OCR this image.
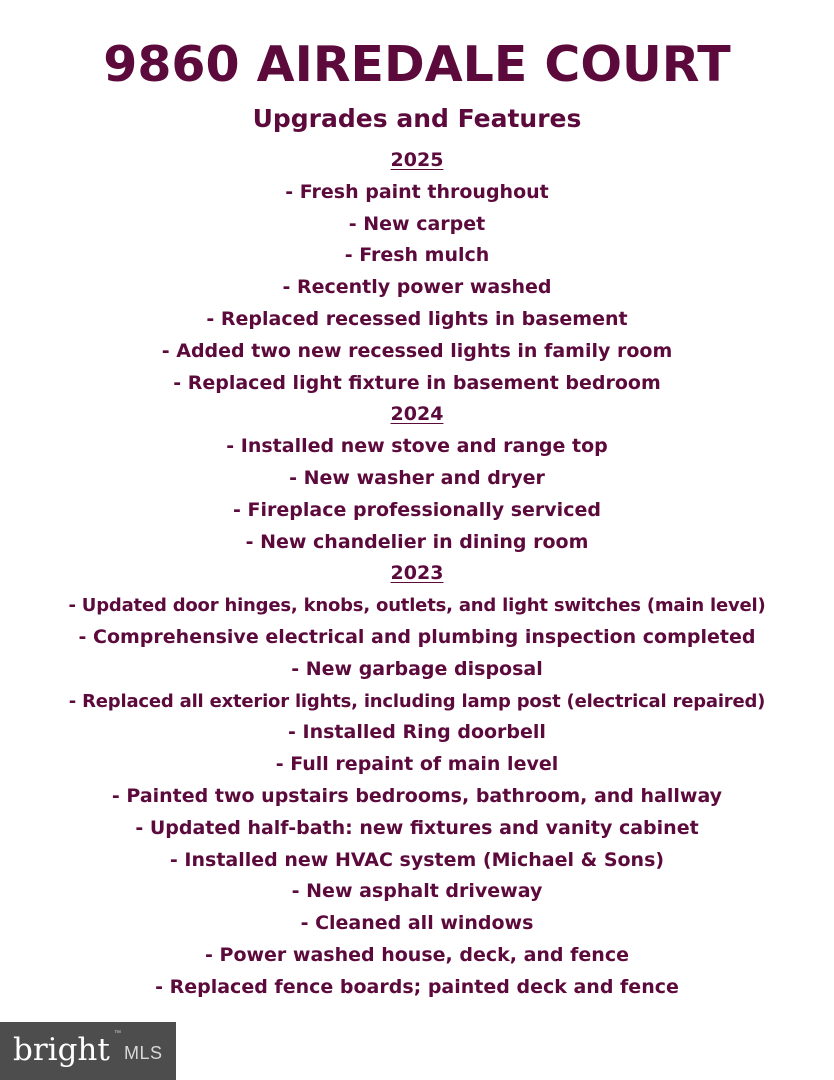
9860 AIREDALE COURT
Upgrades and Features
2025
- Fresh paint throughout
- New carpet
- Fresh mulch
- Recently power washed
- Replaced recessed lights in basement
- Added two new recessed lights in family room
- Replaced light fixture in basement bedroom
2024
- Installed new stove and range top
- New washer and dryer
- Fireplace professionally serviced
- New chandelier in dining room
2023
- Updated door hinges, knobs, outlets, and light switches (main level)
- Comprehensive electrical and plumbing inspection completed
- New garbage disposal
- Replaced all exterior lights, including lamp post (electrical repaired)
- Installed Ring doorbell
- Full repaint of main level
- Painted two upstairs bedrooms, bathroom, and hallway
- Updated half-bath: new fixtures and vanity cabinet
- Installed new HVAC system (Michael & Sons)
- New asphalt driveway
- Cleaned all windows
- Power washed house, deck, and fence
- Replaced fence boards; painted deck and fence
bright ™
MLS
